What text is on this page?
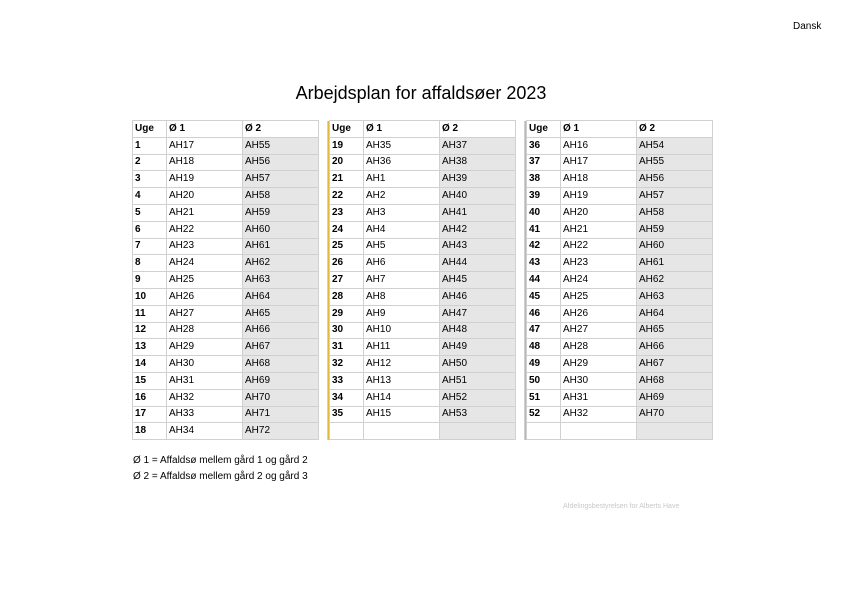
Dansk
Arbejdsplan for affaldsøer 2023
Uge	Ø 1	Ø 2			Uge	Ø 1	Ø 2			Uge	Ø 1	Ø 2
1	AH17	AH55			19	AH35	AH37			36	AH16	AH54
2	AH18	AH56			20	AH36	AH38			37	AH17	AH55
3	AH19	AH57			21	AH1	AH39			38	AH18	AH56
4	AH20	AH58			22	AH2	AH40			39	AH19	AH57
5	AH21	AH59			23	AH3	AH41			40	AH20	AH58
6	AH22	AH60			24	AH4	AH42			41	AH21	AH59
7	AH23	AH61			25	AH5	AH43			42	AH22	AH60
8	AH24	AH62			26	AH6	AH44			43	AH23	AH61
9	AH25	AH63			27	AH7	AH45			44	AH24	AH62
10	AH26	AH64			28	AH8	AH46			45	AH25	AH63
11	AH27	AH65			29	AH9	AH47			46	AH26	AH64
12	AH28	AH66			30	AH10	AH48			47	AH27	AH65
13	AH29	AH67			31	AH11	AH49			48	AH28	AH66
14	AH30	AH68			32	AH12	AH50			49	AH29	AH67
15	AH31	AH69			33	AH13	AH51			50	AH30	AH68
16	AH32	AH70			34	AH14	AH52			51	AH31	AH69
17	AH33	AH71			35	AH15	AH53			52	AH32	AH70
18	AH34	AH72										
Ø 1 = Affaldsø mellem gård 1 og gård 2
Ø 2 = Affaldsø mellem gård 2 og gård 3
Afdelingsbestyrelsen for Alberts Have
